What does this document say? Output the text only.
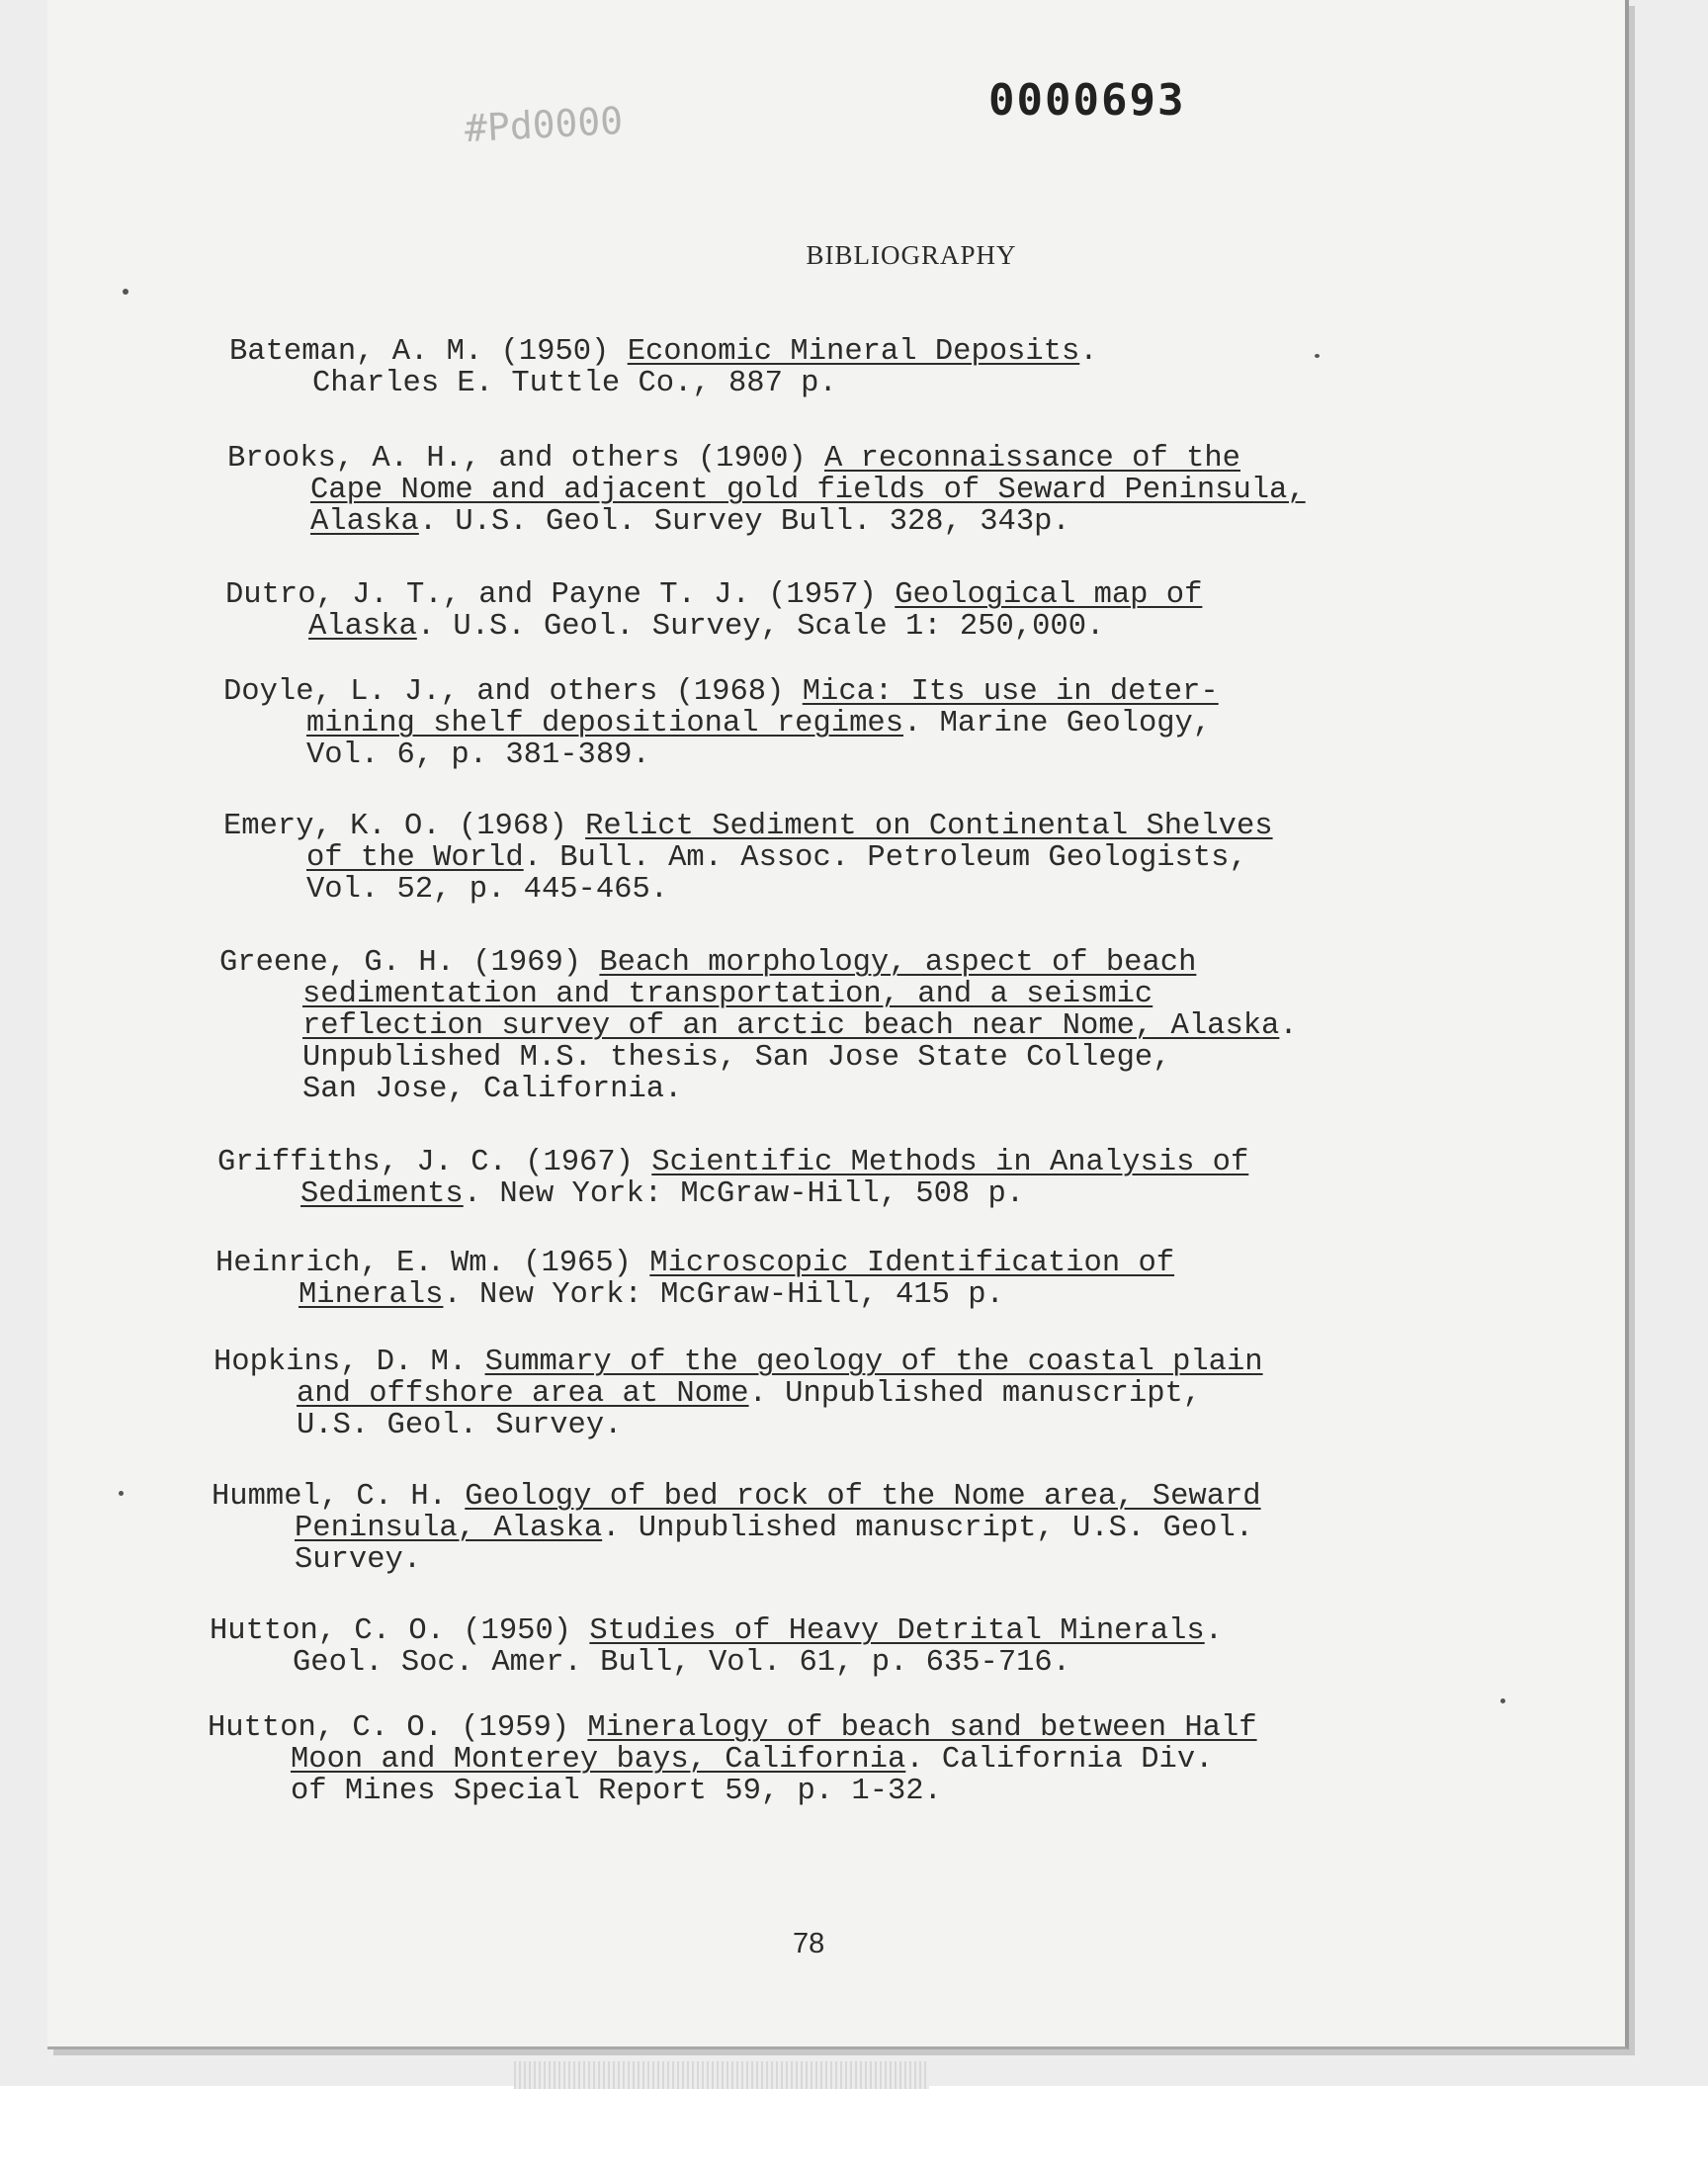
#Pd0000	0000693
BIBLIOGRAPHY
Bateman, A. M. (1950) Economic Mineral Deposits.
Charles E. Tuttle Co., 887 p.
Brooks, A. H., and others (1900) A reconnaissance of the
Cape Nome and adjacent gold fields of Seward Peninsula,
Alaska. U.S. Geol. Survey Bull. 328, 343p.
Dutro, J. T., and Payne T. J. (1957) Geological map of
Alaska. U.S. Geol. Survey, Scale 1: 250,000.
Doyle, L. J., and others (1968) Mica: Its use in deter-
mining shelf depositional regimes. Marine Geology,
Vol. 6, p. 381-389.
Emery, K. O. (1968) Relict Sediment on Continental Shelves
of the World. Bull. Am. Assoc. Petroleum Geologists,
Vol. 52, p. 445-465.
Greene, G. H. (1969) Beach morphology, aspect of beach
sedimentation and transportation, and a seismic
reflection survey of an arctic beach near Nome, Alaska.
Unpublished M.S. thesis, San Jose State College,
San Jose, California.
Griffiths, J. C. (1967) Scientific Methods in Analysis of
Sediments. New York: McGraw-Hill, 508 p.
Heinrich, E. Wm. (1965) Microscopic Identification of
Minerals. New York: McGraw-Hill, 415 p.
Hopkins, D. M. Summary of the geology of the coastal plain
and offshore area at Nome. Unpublished manuscript,
U.S. Geol. Survey.
Hummel, C. H. Geology of bed rock of the Nome area, Seward
Peninsula, Alaska. Unpublished manuscript, U.S. Geol.
Survey.
Hutton, C. O. (1950) Studies of Heavy Detrital Minerals.
Geol. Soc. Amer. Bull, Vol. 61, p. 635-716.
Hutton, C. O. (1959) Mineralogy of beach sand between Half
Moon and Monterey bays, California. California Div.
of Mines Special Report 59, p. 1-32.
78
